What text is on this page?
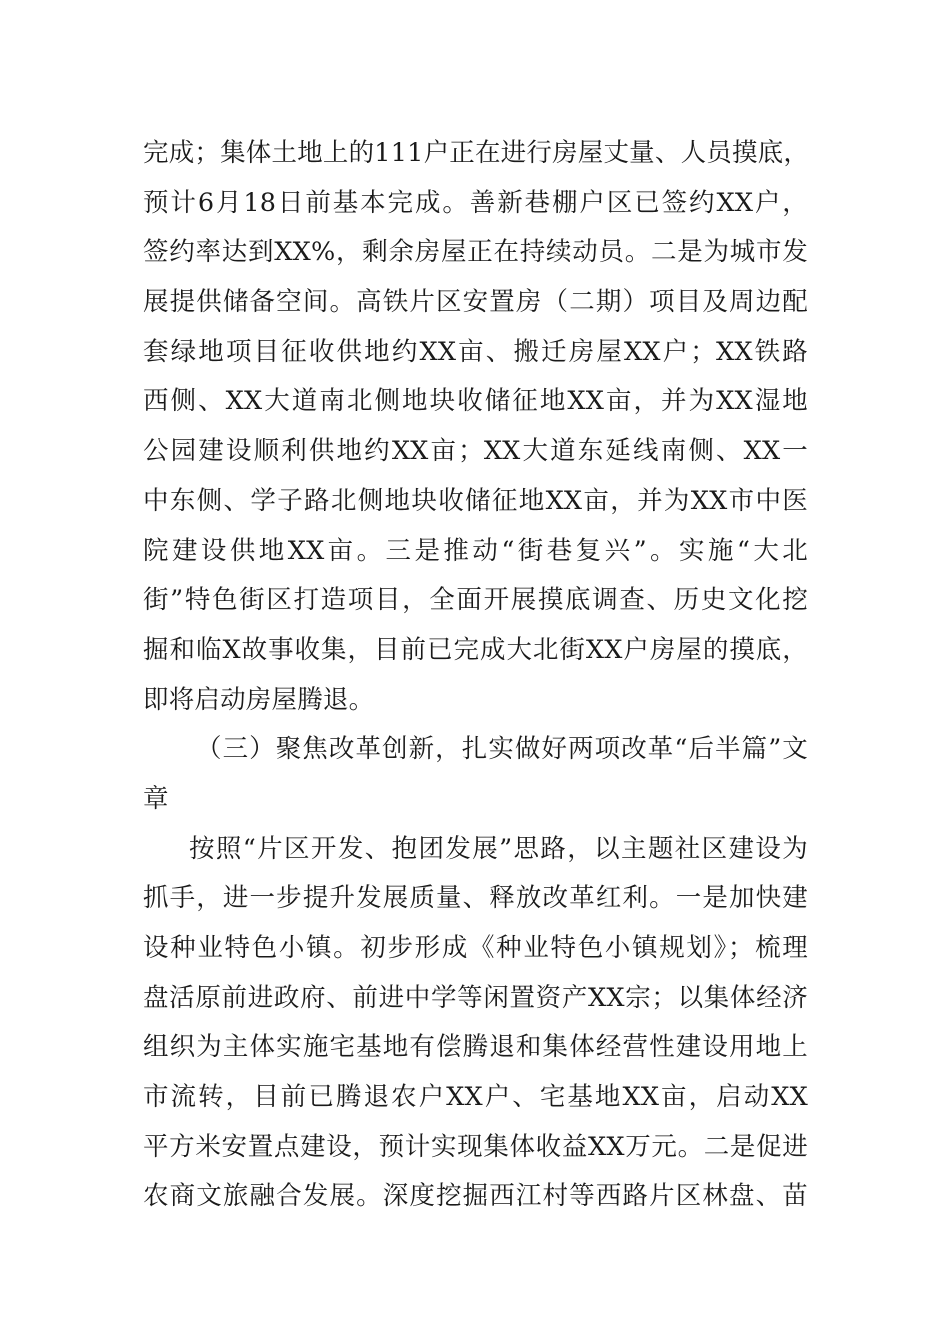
完成；集体土地上的111户正在进行房屋丈量、人员摸底，
预计6月18日前基本完成。善新巷棚户区已签约XX户，
签约率达到XX%，剩余房屋正在持续动员。二是为城市发
展提供储备空间。高铁片区安置房（二期）项目及周边配
套绿地项目征收供地约XX亩、搬迁房屋XX户；XX铁路
西侧、XX大道南北侧地块收储征地XX亩，并为XX湿地
公园建设顺利供地约XX亩；XX大道东延线南侧、XX一
中东侧、学子路北侧地块收储征地XX亩，并为XX市中医
院建设供地XX亩。三是推动“街巷复兴”。实施“大北
街”特色街区打造项目，全面开展摸底调查、历史文化挖
掘和临X故事收集，目前已完成大北街XX户房屋的摸底，
即将启动房屋腾退。
（三）聚焦改革创新，扎实做好两项改革“后半篇”文
章
按照“片区开发、抱团发展”思路，以主题社区建设为
抓手，进一步提升发展质量、释放改革红利。一是加快建
设种业特色小镇。初步形成《种业特色小镇规划》；梳理
盘活原前进政府、前进中学等闲置资产XX宗；以集体经济
组织为主体实施宅基地有偿腾退和集体经营性建设用地上
市流转，目前已腾退农户XX户、宅基地XX亩，启动XX
平方米安置点建设，预计实现集体收益XX万元。二是促进
农商文旅融合发展。深度挖掘西江村等西路片区林盘、苗
